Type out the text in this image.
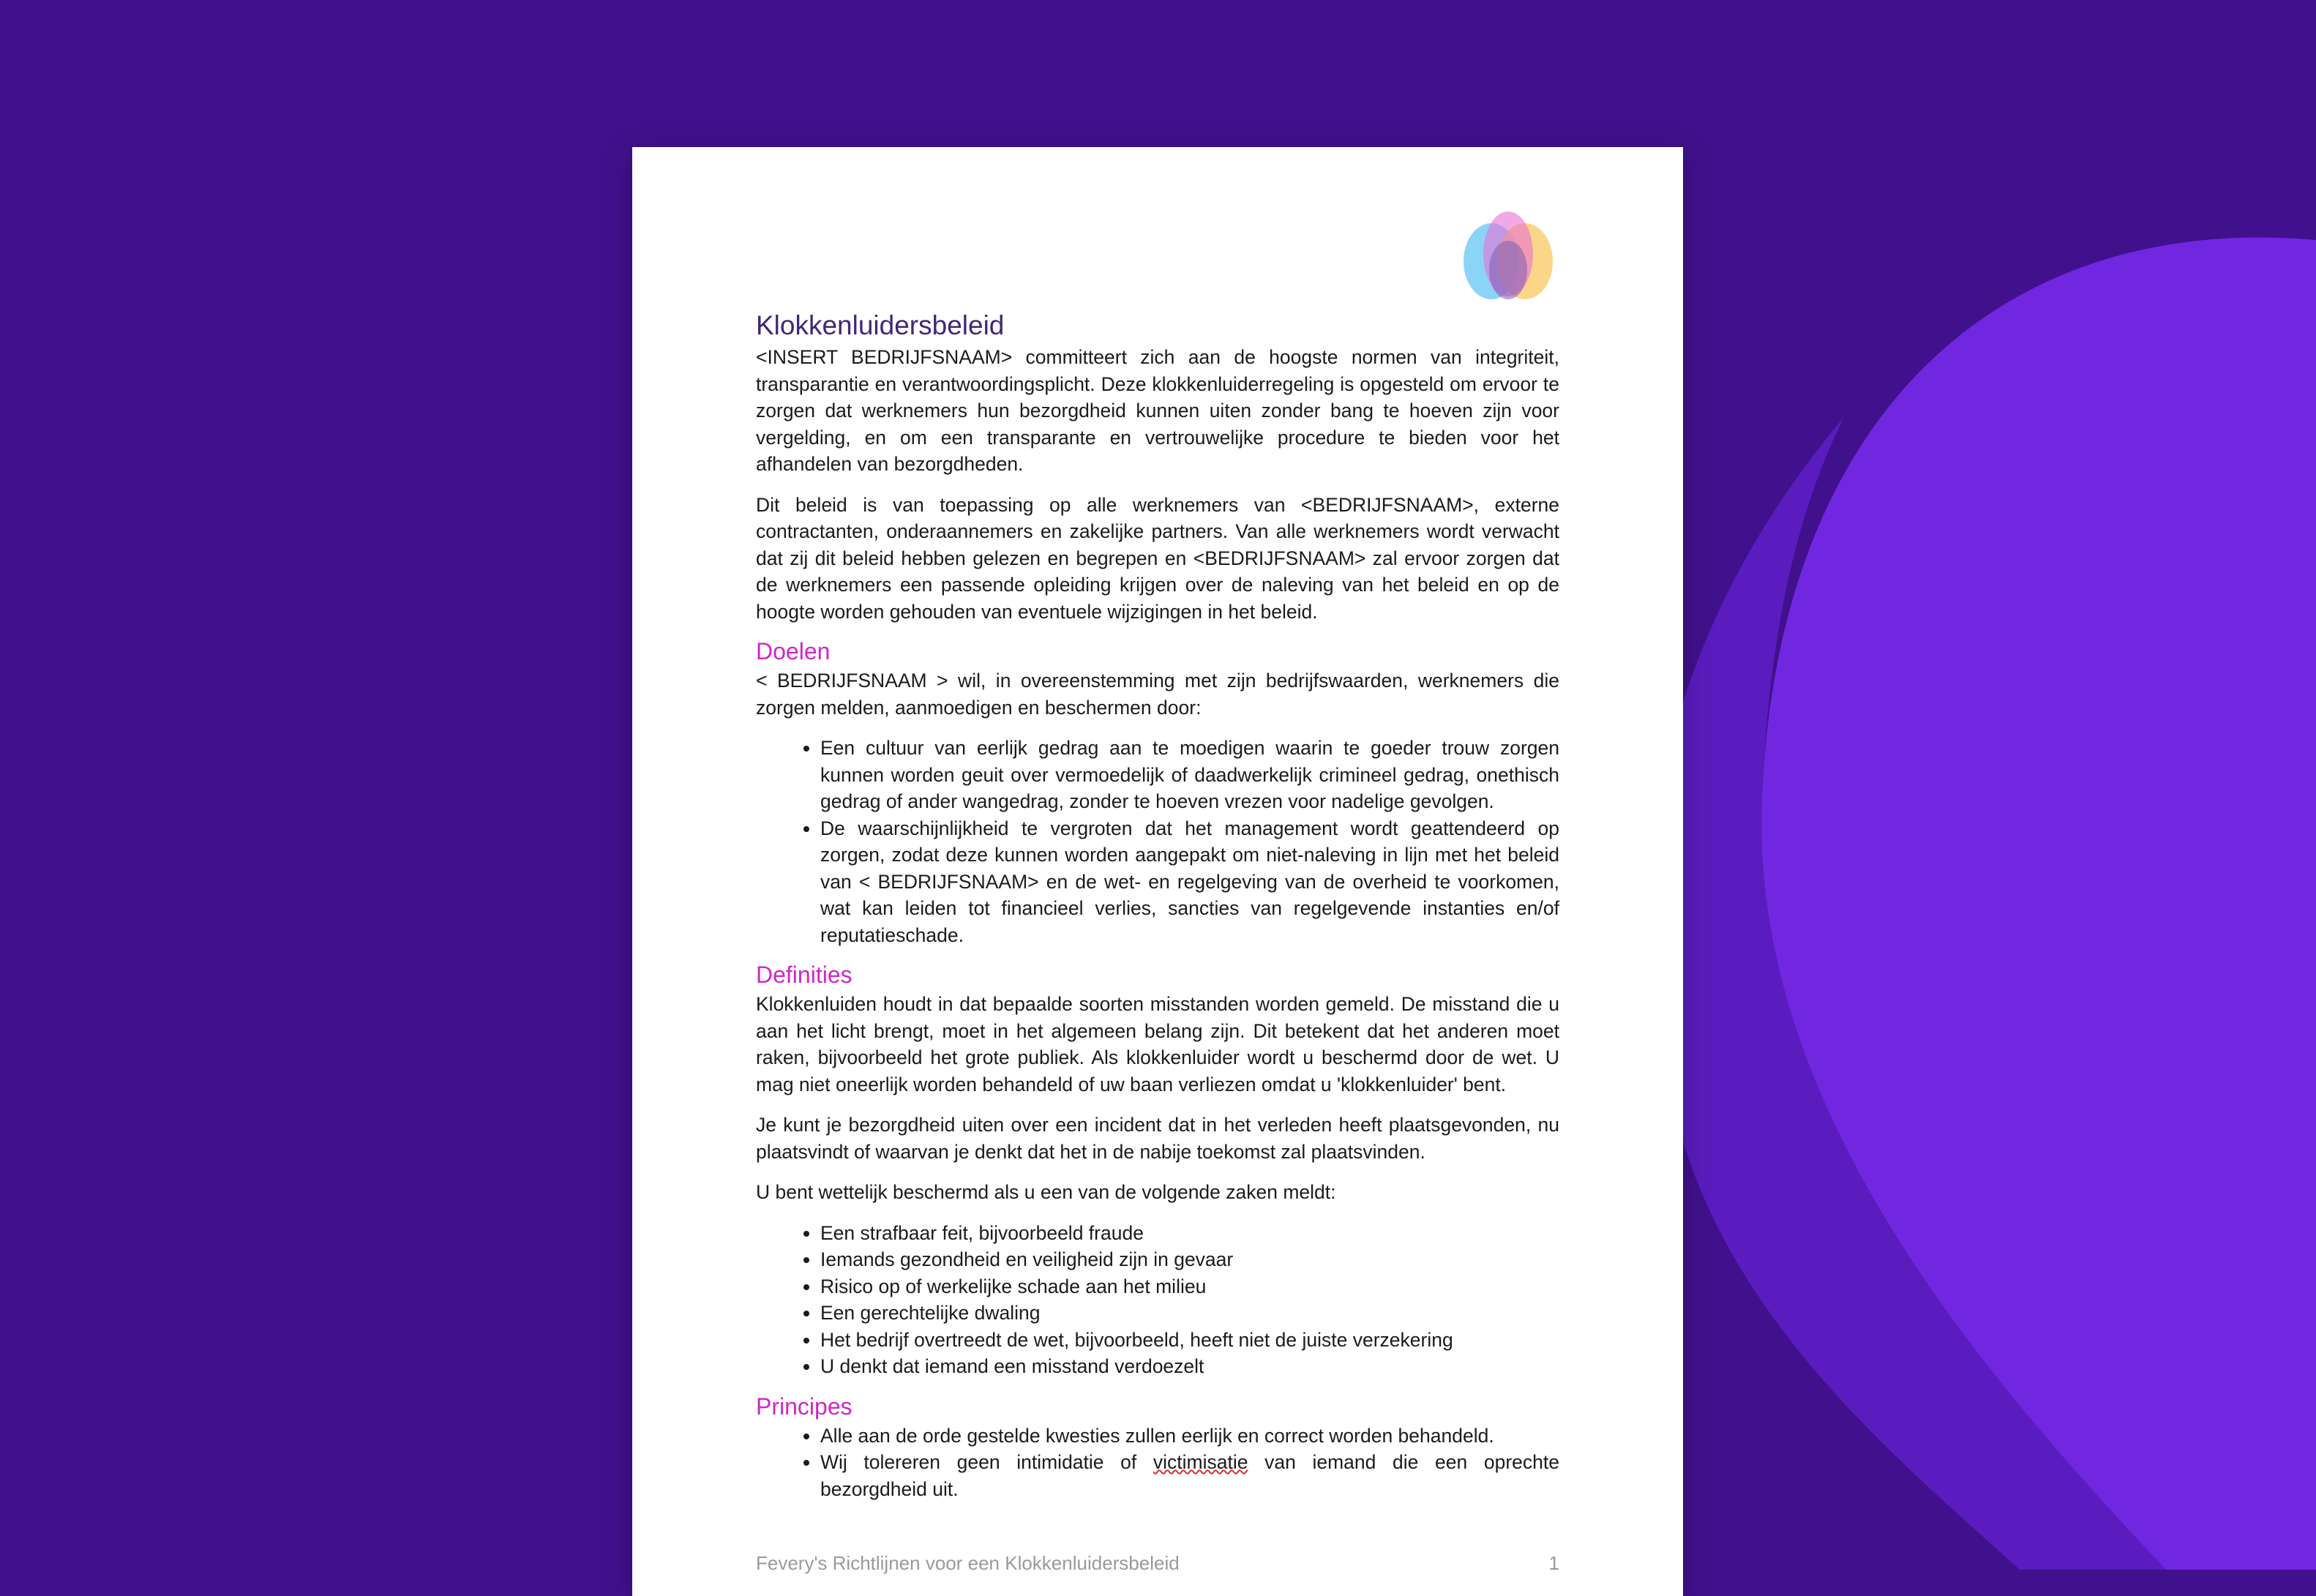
Klokkenluidersbeleid

<INSERT BEDRIJFSNAAM> committeert zich aan de hoogste normen van integriteit, transparantie en verantwoordingsplicht. Deze klokkenluiderregeling is opgesteld om ervoor te zorgen dat werknemers hun bezorgdheid kunnen uiten zonder bang te hoeven zijn voor vergelding, en om een transparante en vertrouwelijke procedure te bieden voor het afhandelen van bezorgdheden.

Dit beleid is van toepassing op alle werknemers van <BEDRIJFSNAAM>, externe contractanten, onderaannemers en zakelijke partners. Van alle werknemers wordt verwacht dat zij dit beleid hebben gelezen en begrepen en <BEDRIJFSNAAM> zal ervoor zorgen dat de werknemers een passende opleiding krijgen over de naleving van het beleid en op de hoogte worden gehouden van eventuele wijzigingen in het beleid.

Doelen

< BEDRIJFSNAAM > wil, in overeenstemming met zijn bedrijfswaarden, werknemers die zorgen melden, aanmoedigen en beschermen door:

• Een cultuur van eerlijk gedrag aan te moedigen waarin te goeder trouw zorgen kunnen worden geuit over vermoedelijk of daadwerkelijk crimineel gedrag, onethisch gedrag of ander wangedrag, zonder te hoeven vrezen voor nadelige gevolgen.
• De waarschijnlijkheid te vergroten dat het management wordt geattendeerd op zorgen, zodat deze kunnen worden aangepakt om niet-naleving in lijn met het beleid van < BEDRIJFSNAAM> en de wet- en regelgeving van de overheid te voorkomen, wat kan leiden tot financieel verlies, sancties van regelgevende instanties en/of reputatieschade.
Definities

Klokkenluiden houdt in dat bepaalde soorten misstanden worden gemeld. De misstand die u aan het licht brengt, moet in het algemeen belang zijn. Dit betekent dat het anderen moet raken, bijvoorbeeld het grote publiek. Als klokkenluider wordt u beschermd door de wet. U mag niet oneerlijk worden behandeld of uw baan verliezen omdat u 'klokkenluider' bent.

Je kunt je bezorgdheid uiten over een incident dat in het verleden heeft plaatsgevonden, nu plaatsvindt of waarvan je denkt dat het in de nabije toekomst zal plaatsvinden.

U bent wettelijk beschermd als u een van de volgende zaken meldt:

• Een strafbaar feit, bijvoorbeeld fraude
• Iemands gezondheid en veiligheid zijn in gevaar
• Risico op of werkelijke schade aan het milieu
• Een gerechtelijke dwaling
• Het bedrijf overtreedt de wet, bijvoorbeeld, heeft niet de juiste verzekering
• U denkt dat iemand een misstand verdoezelt
Principes
• Alle aan de orde gestelde kwesties zullen eerlijk en correct worden behandeld.
• Wij tolereren geen intimidatie of victimisatie van iemand die een oprechte bezorgdheid uit.
Fevery's Richtlijnen voor een Klokkenluidersbeleid	1
